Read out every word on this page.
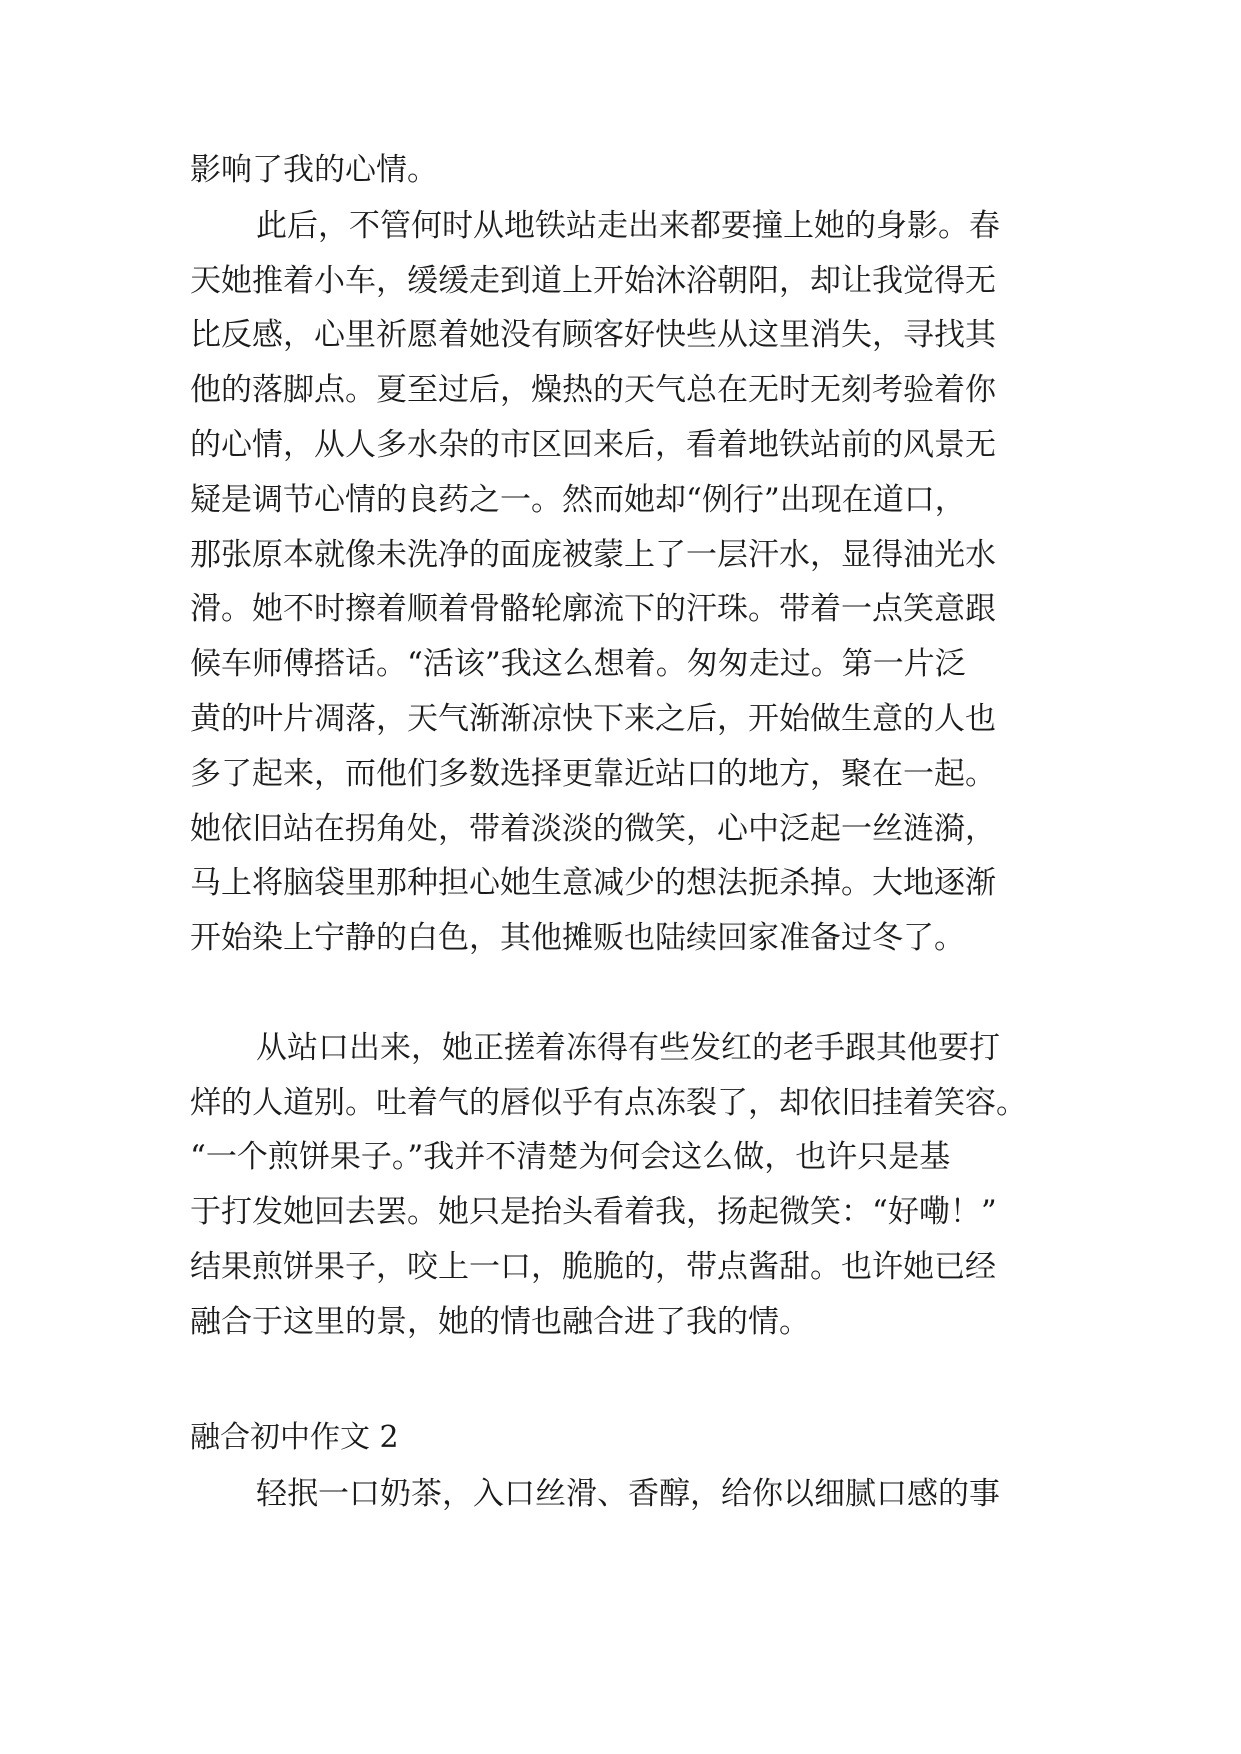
影响了我的心情。
此后，不管何时从地铁站走出来都要撞上她的身影。春
天她推着小车，缓缓走到道上开始沐浴朝阳，却让我觉得无
比反感，心里祈愿着她没有顾客好快些从这里消失，寻找其
他的落脚点。夏至过后，燥热的天气总在无时无刻考验着你
的心情，从人多水杂的市区回来后，看着地铁站前的风景无
疑是调节心情的良药之一。然而她却“例行”出现在道口，
那张原本就像未洗净的面庞被蒙上了一层汗水，显得油光水
滑。她不时擦着顺着骨骼轮廓流下的汗珠。带着一点笑意跟
候车师傅搭话。“活该”我这么想着。匆匆走过。第一片泛
黄的叶片凋落，天气渐渐凉快下来之后，开始做生意的人也
多了起来，而他们多数选择更靠近站口的地方，聚在一起。
她依旧站在拐角处，带着淡淡的微笑，心中泛起一丝涟漪，
马上将脑袋里那种担心她生意减少的想法扼杀掉。大地逐渐
开始染上宁静的白色，其他摊贩也陆续回家准备过冬了。
从站口出来，她正搓着冻得有些发红的老手跟其他要打
烊的人道别。吐着气的唇似乎有点冻裂了，却依旧挂着笑容。
“一个煎饼果子。”我并不清楚为何会这么做，也许只是基
于打发她回去罢。她只是抬头看着我，扬起微笑：“好嘞！”
结果煎饼果子，咬上一口，脆脆的，带点酱甜。也许她已经
融合于这里的景，她的情也融合进了我的情。
融合初中作文 2
轻抿一口奶茶，入口丝滑、香醇，给你以细腻口感的事
